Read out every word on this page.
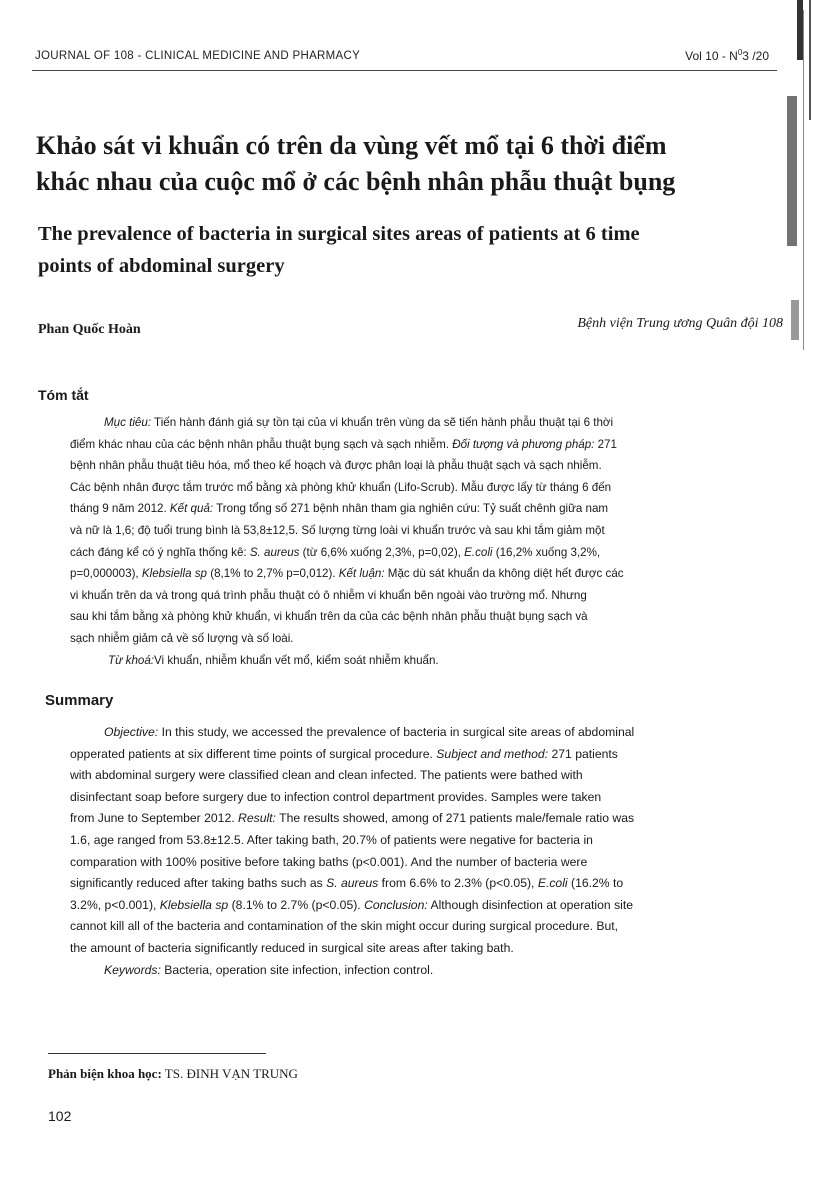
JOURNAL OF 108 - CLINICAL MEDICINE AND PHARMACY	Vol $10 - N^03$ /20
Khảo sát vi khuẩn có trên da vùng vết mổ tại 6 thời điểm
khác nhau của cuộc mổ ở các bệnh nhân phẫu thuật bụng
The prevalence of bacteria in surgical sites areas of patients at 6 time
points of abdominal surgery
Phan Quốc Hoàn	Bệnh viện Trung ương Quân đội 108
Tóm tắt
Mục tiêu: Tiến hành đánh giá sự tồn tại của vi khuẩn trên vùng da sẽ tiến hành phẫu thuật tại 6 thời
điểm khác nhau của các bệnh nhân phẫu thuật bụng sạch và sạch nhiễm. Đối tượng và phương pháp: 271
bệnh nhân phẫu thuật tiêu hóa, mổ theo kế hoạch và được phân loại là phẫu thuật sạch và sạch nhiễm.
Các bệnh nhân được tắm trước mổ bằng xà phòng khử khuẩn (Lifo-Scrub). Mẫu được lấy từ tháng 6 đến
tháng 9 năm 2012. Kết quả: Trong tổng số 271 bệnh nhân tham gia nghiên cứu: Tỷ suất chênh giữa nam
và nữ là 1,6; độ tuổi trung bình là 53,8±12,5. Số lượng từng loài vi khuẩn trước và sau khi tắm giảm một
cách đáng kể có ý nghĩa thống kê: S. aureus (từ 6,6% xuống 2,3%, p=0,02), E.coli (16,2% xuống 3,2%,
p=0,000003), Klebsiella sp (8,1% to 2,7% p=0,012). Kết luận: Mặc dù sát khuẩn da không diệt hết được các
vi khuẩn trên da và trong quá trình phẫu thuật có ô nhiễm vi khuẩn bên ngoài vào trường mổ. Nhưng
sau khi tắm bằng xà phòng khử khuẩn, vi khuẩn trên da của các bệnh nhân phẫu thuật bụng sạch và
sạch nhiễm giảm cả về số lượng và số loài.
Từ khoá:Vi khuẩn, nhiễm khuẩn vết mổ, kiểm soát nhiễm khuẩn.
Summary
Objective: In this study, we accessed the prevalence of bacteria in surgical site areas of abdominal
opperated patients at six different time points of surgical procedure. Subject and method: 271 patients
with abdominal surgery were classified clean and clean infected. The patients were bathed with
disinfectant soap before surgery due to infection control department provides. Samples were taken
from June to September 2012. Result: The results showed, among of 271 patients male/female ratio was
1.6, age ranged from 53.8±12.5. After taking bath, 20.7% of patients were negative for bacteria in
comparation with 100% positive before taking baths (p<0.001). And the number of bacteria were
significantly reduced after taking baths such as S. aureus from 6.6% to 2.3% (p<0.05), E.coli (16.2% to
3.2%, p<0.001), Klebsiella sp (8.1% to 2.7% (p<0.05). Conclusion: Although disinfection at operation site
cannot kill all of the bacteria and contamination of the skin might occur during surgical procedure. But,
the amount of bacteria significantly reduced in surgical site areas after taking bath.
Keywords: Bacteria, operation site infection, infection control.
Phản biện khoa học: TS. ĐINH VẠN TRUNG
102
